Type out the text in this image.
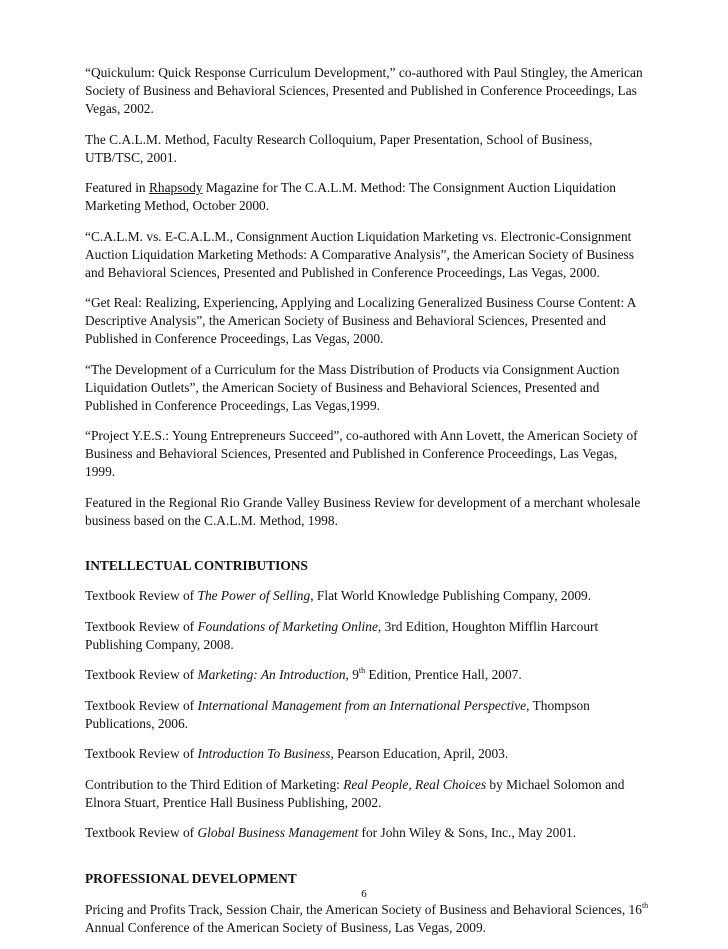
“Quickulum: Quick Response Curriculum Development,” co-authored with Paul Stingley, the American Society of Business and Behavioral Sciences, Presented and Published in Conference Proceedings, Las Vegas, 2002.

The C.A.L.M. Method, Faculty Research Colloquium, Paper Presentation, School of Business, UTB/TSC, 2001.

Featured in Rhapsody Magazine for The C.A.L.M. Method: The Consignment Auction Liquidation Marketing Method, October 2000.

“C.A.L.M. vs. E-C.A.L.M., Consignment Auction Liquidation Marketing vs. Electronic-Consignment Auction Liquidation Marketing Methods: A Comparative Analysis”, the American Society of Business and Behavioral Sciences, Presented and Published in Conference Proceedings, Las Vegas, 2000.

“Get Real: Realizing, Experiencing, Applying and Localizing Generalized Business Course Content: A Descriptive Analysis”, the American Society of Business and Behavioral Sciences, Presented and Published in Conference Proceedings, Las Vegas, 2000.

“The Development of a Curriculum for the Mass Distribution of Products via Consignment Auction Liquidation Outlets”, the American Society of Business and Behavioral Sciences, Presented and Published in Conference Proceedings, Las Vegas,1999.

“Project Y.E.S.: Young Entrepreneurs Succeed”, co-authored with Ann Lovett, the American Society of Business and Behavioral Sciences, Presented and Published in Conference Proceedings, Las Vegas, 1999.

Featured in the Regional Rio Grande Valley Business Review for development of a merchant wholesale business based on the C.A.L.M. Method, 1998.

INTELLECTUAL CONTRIBUTIONS

Textbook Review of The Power of Selling, Flat World Knowledge Publishing Company, 2009.

Textbook Review of Foundations of Marketing Online, 3rd Edition, Houghton Mifflin Harcourt Publishing Company, 2008.

Textbook Review of Marketing: An Introduction, 9th Edition, Prentice Hall, 2007.

Textbook Review of International Management from an International Perspective, Thompson Publications, 2006.

Textbook Review of Introduction To Business, Pearson Education, April, 2003.

Contribution to the Third Edition of Marketing: Real People, Real Choices by Michael Solomon and Elnora Stuart, Prentice Hall Business Publishing, 2002.

Textbook Review of Global Business Management for John Wiley & Sons, Inc., May 2001.

PROFESSIONAL DEVELOPMENT

Pricing and Profits Track, Session Chair, the American Society of Business and Behavioral Sciences, 16th Annual Conference of the American Society of Business, Las Vegas, 2009.

6
